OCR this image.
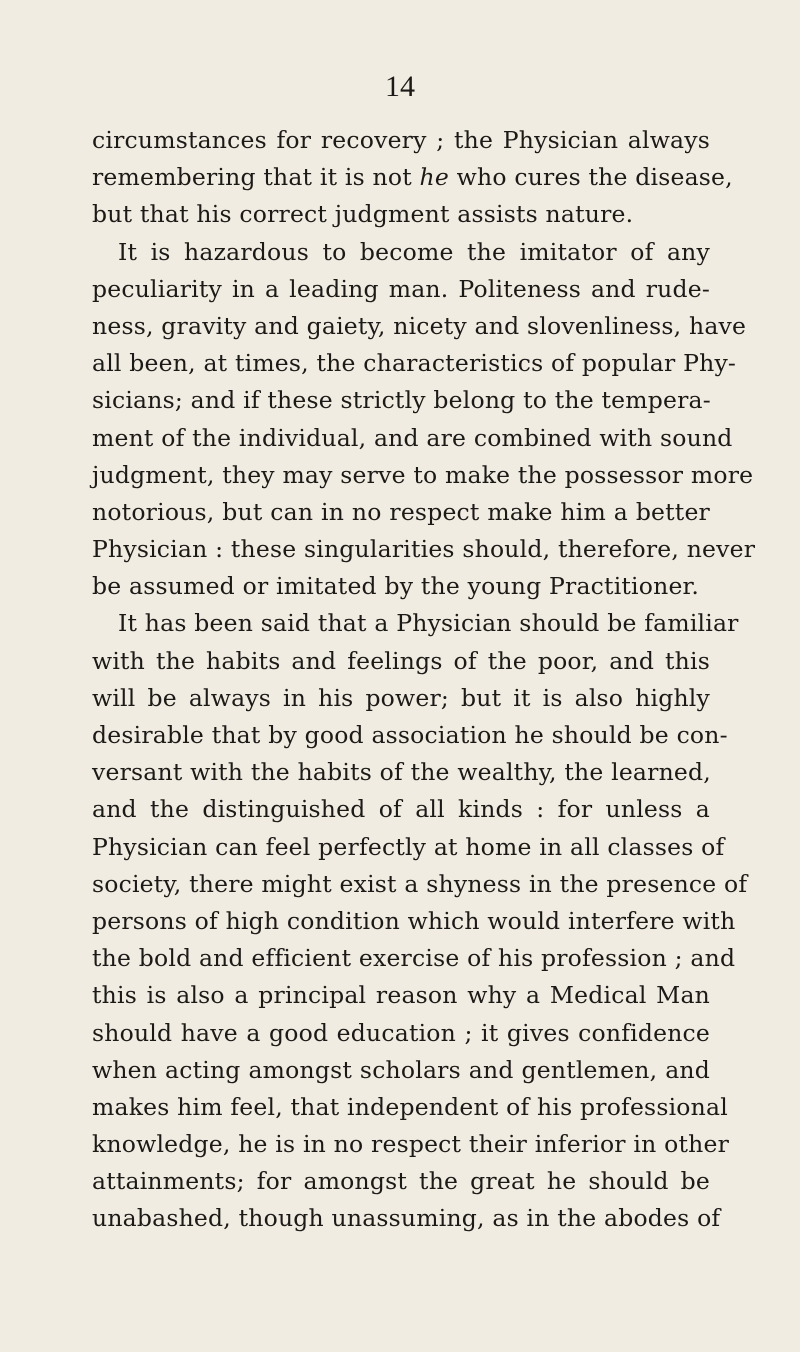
14
circumstances for recovery ; the Physician always
remembering that it is not he who cures the disease,
but that his correct judgment assists nature.
It is hazardous to become the imitator of any
peculiarity in a leading man. Politeness and rude-
ness, gravity and gaiety, nicety and slovenliness, have
all been, at times, the characteristics of popular Phy-
sicians; and if these strictly belong to the tempera-
ment of the individual, and are combined with sound
judgment, they may serve to make the possessor more
notorious, but can in no respect make him a better
Physician : these singularities should, therefore, never
be assumed or imitated by the young Practitioner.
It has been said that a Physician should be familiar
with the habits and feelings of the poor, and this
will be always in his power; but it is also highly
desirable that by good association he should be con-
versant with the habits of the wealthy, the learned,
and the distinguished of all kinds : for unless a
Physician can feel perfectly at home in all classes of
society, there might exist a shyness in the presence of
persons of high condition which would interfere with
the bold and efficient exercise of his profession ; and
this is also a principal reason why a Medical Man
should have a good education ; it gives confidence
when acting amongst scholars and gentlemen, and
makes him feel, that independent of his professional
knowledge, he is in no respect their inferior in other
attainments; for amongst the great he should be
unabashed, though unassuming, as in the abodes of
